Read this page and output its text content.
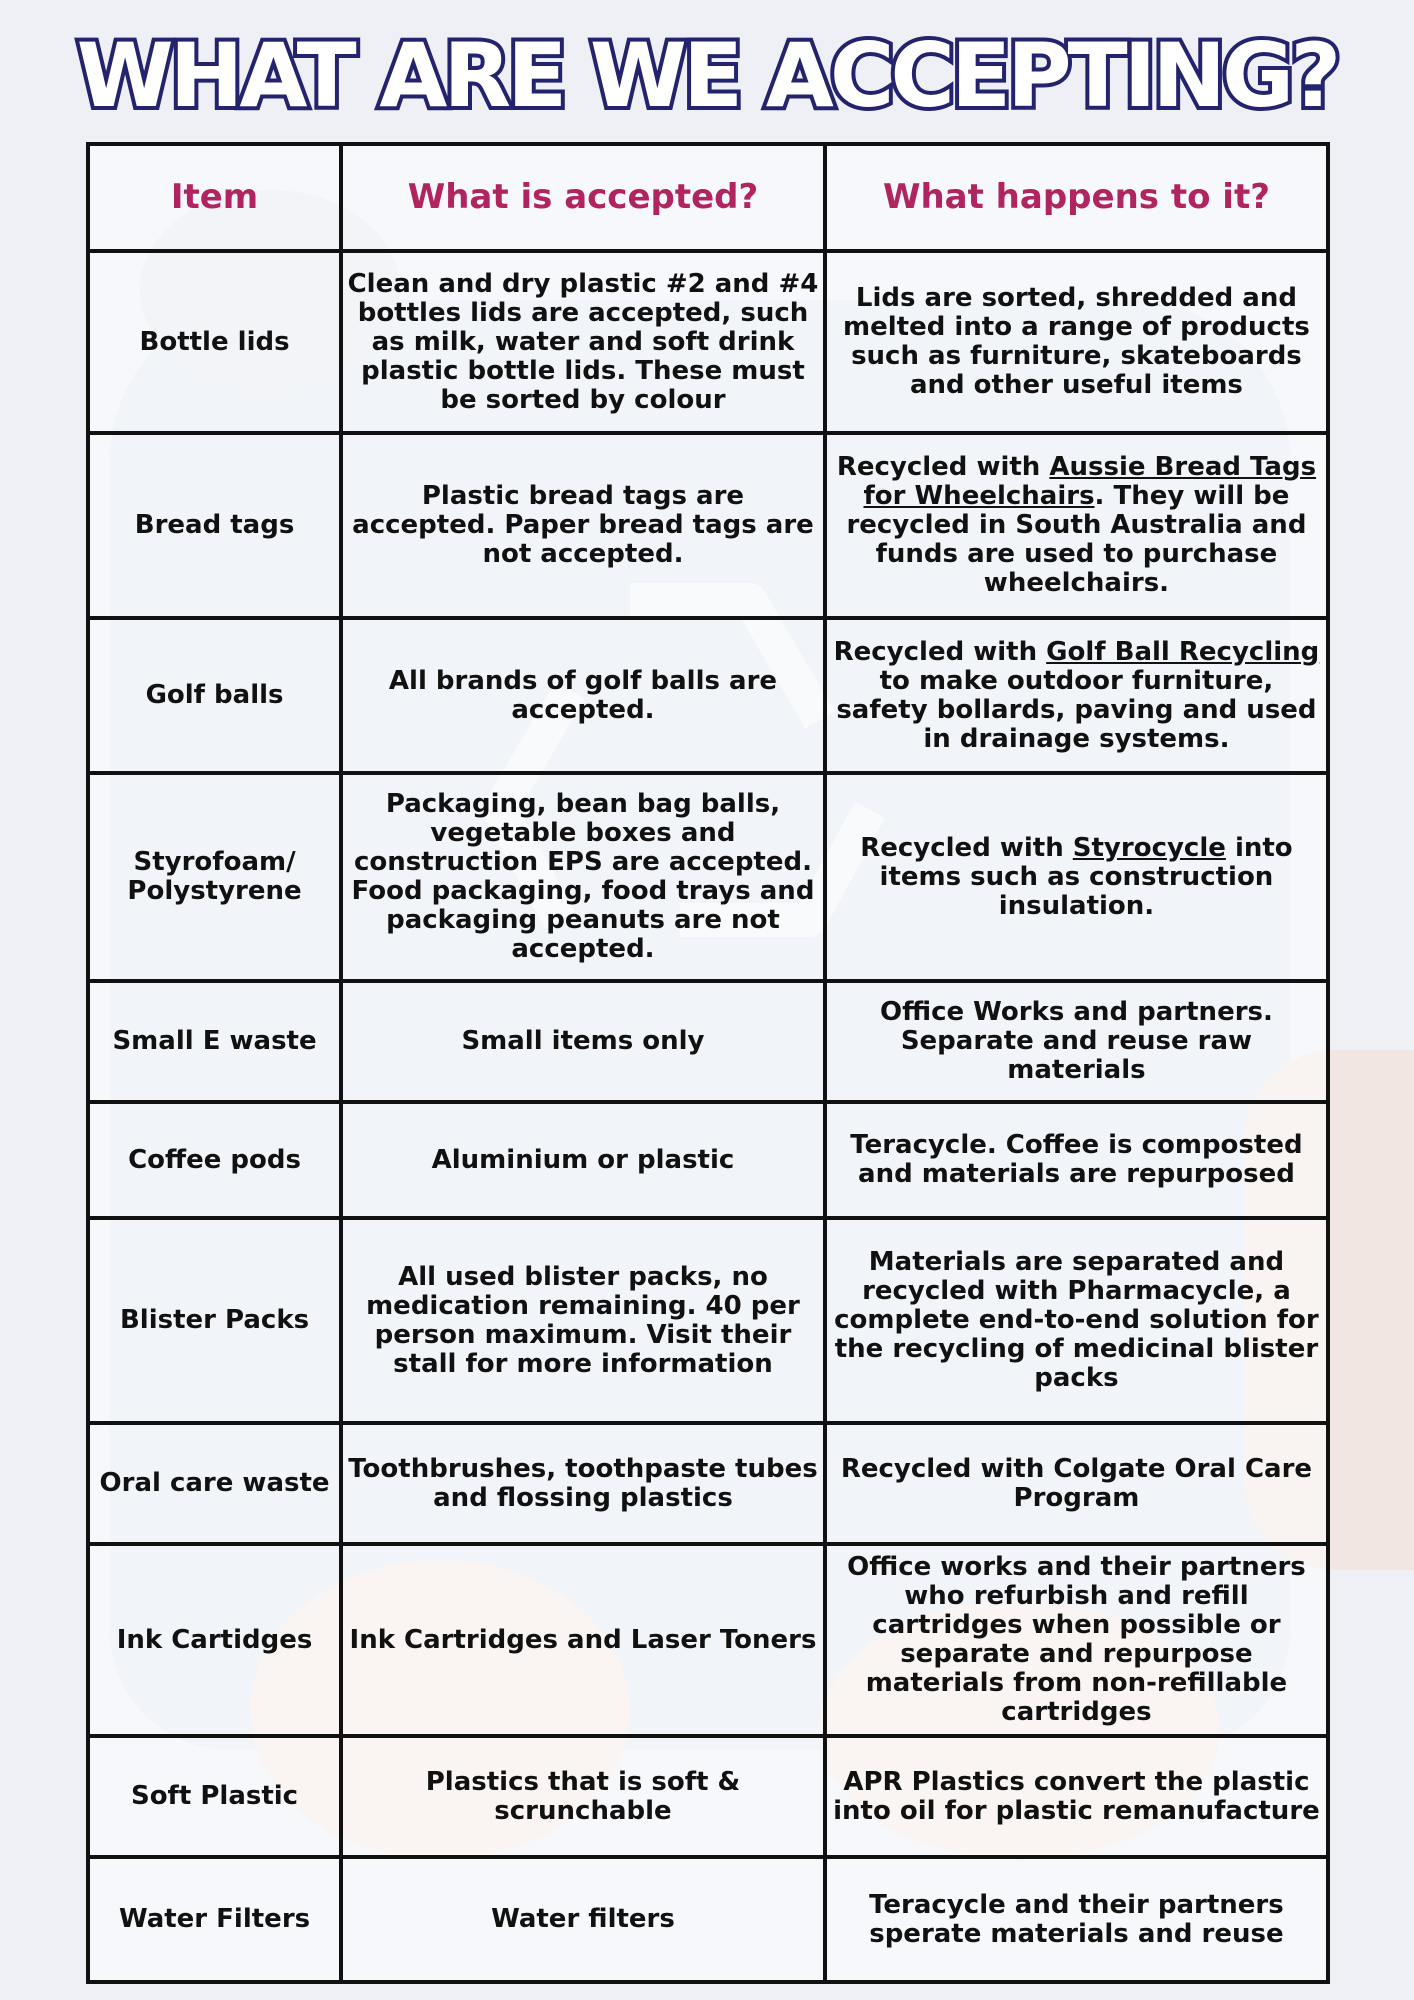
WHAT ARE WE ACCEPTING?
Item	What is accepted?	What happens to it?
Bottle lids	Clean and dry plastic #2 and #4 bottles lids are accepted, such as milk, water and soft drink plastic bottle lids. These must be sorted by colour	Lids are sorted, shredded and melted into a range of products such as furniture, skateboards and other useful items
Bread tags	Plastic bread tags are accepted. Paper bread tags are not accepted.	Recycled with Aussie Bread Tags for Wheelchairs. They will be recycled in South Australia and funds are used to purchase wheelchairs.
Golf balls	All brands of golf balls are accepted.	Recycled with Golf Ball Recycling to make outdoor furniture, safety bollards, paving and used in drainage systems.
Styrofoam/ Polystyrene	Packaging, bean bag balls, vegetable boxes and construction EPS are accepted. Food packaging, food trays and packaging peanuts are not accepted.	Recycled with Styrocycle into items such as construction insulation.
Small E waste	Small items only	Office Works and partners. Separate and reuse raw materials
Coffee pods	Aluminium or plastic	Teracycle. Coffee is composted and materials are repurposed
Blister Packs	All used blister packs, no medication remaining. 40 per person maximum. Visit their stall for more information	Materials are separated and recycled with Pharmacycle, a complete end-to-end solution for the recycling of medicinal blister packs
Oral care waste	Toothbrushes, toothpaste tubes and flossing plastics	Recycled with Colgate Oral Care Program
Ink Cartidges	Ink Cartridges and Laser Toners	Office works and their partners who refurbish and refill cartridges when possible or separate and repurpose materials from non-refillable cartridges
Soft Plastic	Plastics that is soft & scrunchable	APR Plastics convert the plastic into oil for plastic remanufacture
Water Filters	Water filters	Teracycle and their partners sperate materials and reuse
